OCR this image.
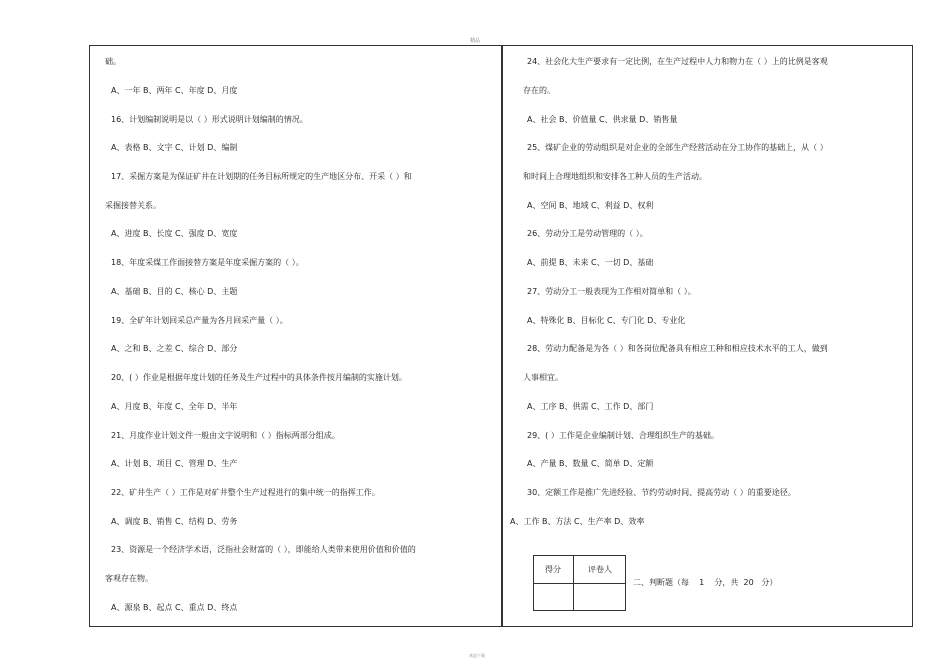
精品
础。
A、一年 B、两年 C、年度 D、月度
16、计划编制说明是以（ ）形式说明计划编制的情况。
A、表格 B、文字 C、计划 D、编制
17、采掘方案是为保证矿井在计划期的任务目标所规定的生产地区分布、开采（ ）和
采掘接替关系。
A、进度 B、长度 C、强度 D、宽度
18、年度采煤工作面接替方案是年度采掘方案的（ ）。
A、基础 B、目的 C、核心 D、主题
19、全矿年计划回采总产量为各月回采产量（ ）。
A、之和 B、之差 C、综合 D、部分
20、( ）作业是根据年度计划的任务及生产过程中的具体条件按月编制的实施计划。
A、月度 B、年度 C、全年 D、半年
21、月度作业计划文件一般由文字说明和（ ）指标两部分组成。
A、计划 B、项目 C、管理 D、生产
22、矿井生产（ ）工作是对矿井整个生产过程进行的集中统一的指挥工作。
A、调度 B、销售 C、结构 D、劳务
23、资源是一个经济学术语，泛指社会财富的（ ），即能给人类带来使用价值和价值的
客观存在物。
A、源泉 B、起点 C、重点 D、终点
24、社会化大生产要求有一定比例，在生产过程中人力和物力在（ ）上的比例是客观
存在的。
A、社会 B、价值量 C、供求量 D、销售量
25、煤矿企业的劳动组织是对企业的全部生产经营活动在分工协作的基础上，从（ ）
和时间上合理地组织和安排各工种人员的生产活动。
A、空间 B、地域 C、利益 D、权利
26、劳动分工是劳动管理的（ ）。
A、前提 B、未来 C、一切 D、基础
27、劳动分工一般表现为工作相对简单和（ ）。
A、特殊化 B、目标化 C、专门化 D、专业化
28、劳动力配备是为各（ ）和各岗位配备具有相应工种和相应技术水平的工人，做到
人事相宜。
A、工序 B、供需 C、工作 D、部门
29、( ）工作是企业编制计划、合理组织生产的基础。
A、产量 B、数量 C、简单 D、定额
30、定额工作是推广先进经验、节约劳动时间、提高劳动（ ）的重要途径。
A、工作 B、方法 C、生产率 D、效率
得分	评卷人
二、判断题（每    1    分，共  20   分）
欢迎下载
